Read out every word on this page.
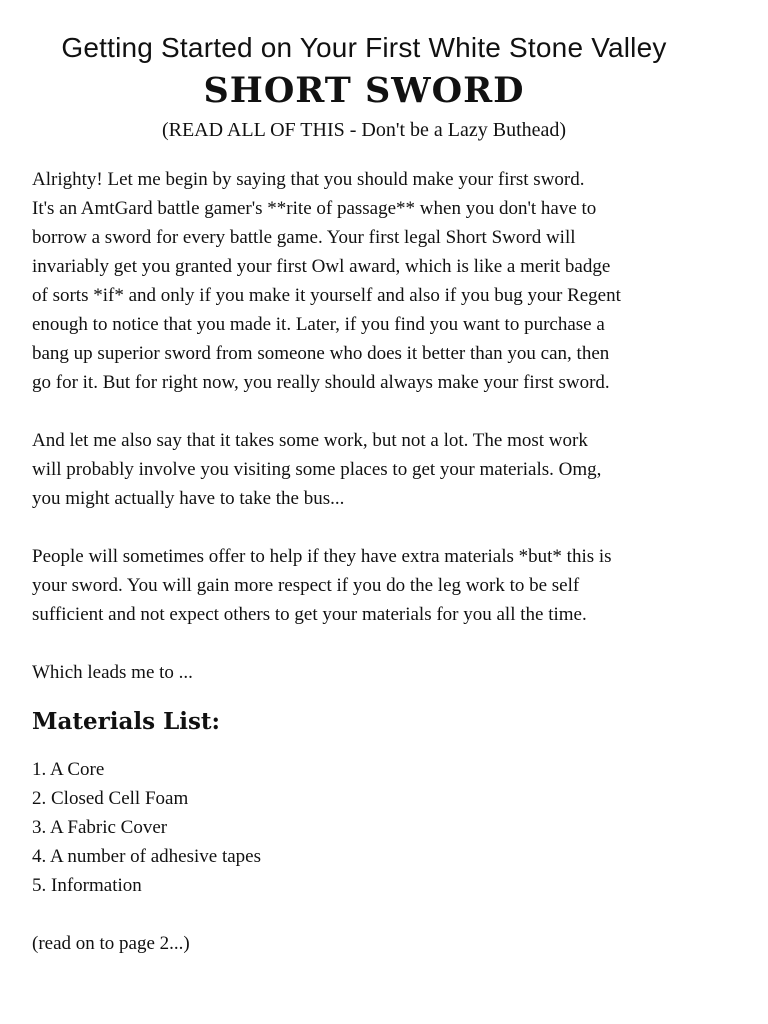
Getting Started on Your First White Stone Valley
SHORT SWORD
(READ ALL OF THIS - Don't be a Lazy Buthead)

Alrighty! Let me begin by saying that you should make your first sword.
It's an AmtGard battle gamer's **rite of passage** when you don't have to
borrow a sword for every battle game. Your first legal Short Sword will
invariably get you granted your first Owl award, which is like a merit badge
of sorts *if* and only if you make it yourself and also if you bug your Regent
enough to notice that you made it. Later, if you find you want to purchase a
bang up superior sword from someone who does it better than you can, then
go for it. But for right now, you really should always make your first sword.

And let me also say that it takes some work, but not a lot. The most work
will probably involve you visiting some places to get your materials. Omg,
you might actually have to take the bus...

People will sometimes offer to help if they have extra materials *but* this is
your sword. You will gain more respect if you do the leg work to be self
sufficient and not expect others to get your materials for you all the time.

Which leads me to ...

Materials List:
1. A Core
2. Closed Cell Foam
3. A Fabric Cover
4. A number of adhesive tapes
5. Information

(read on to page 2...)
